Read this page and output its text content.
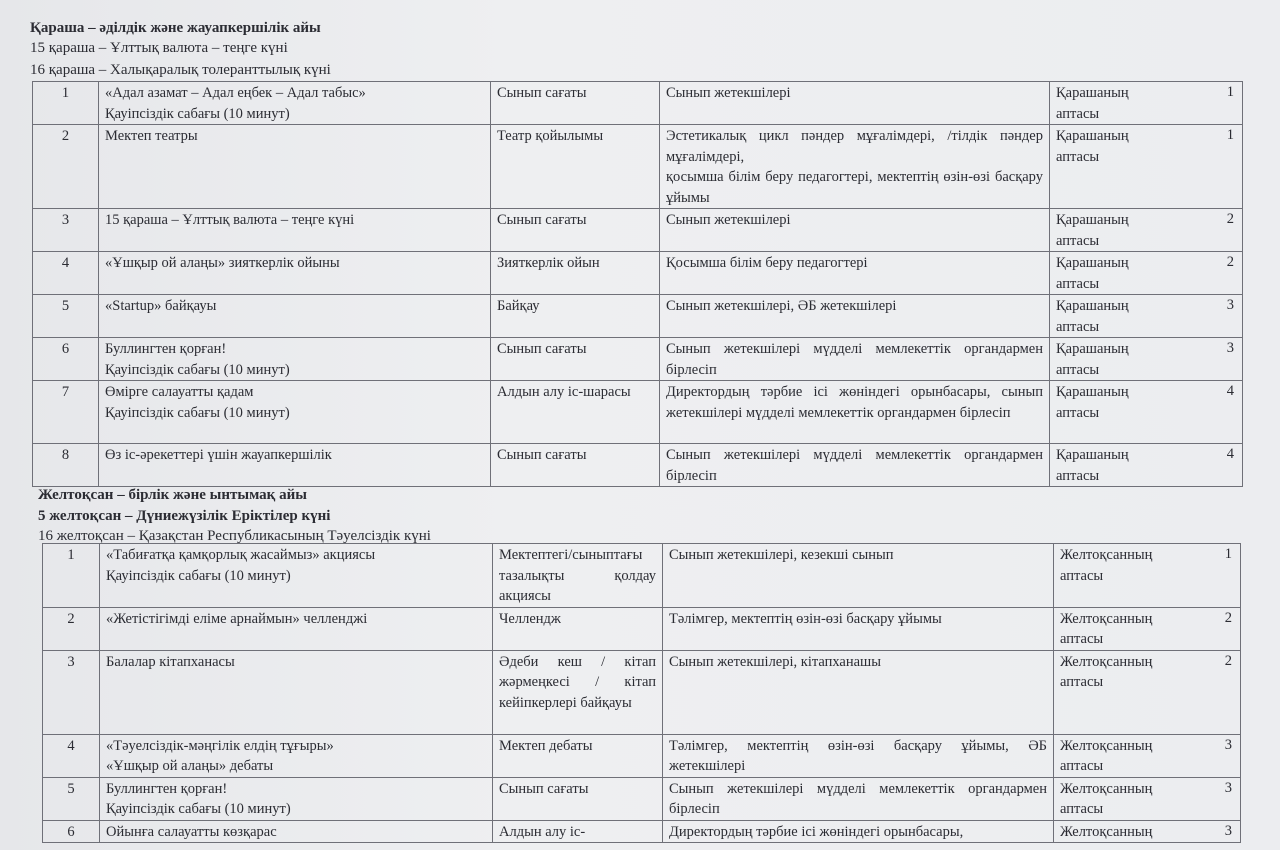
Қараша – әділдік және жауапкершілік айы
15 қараша – Ұлттық валюта – теңге күні
16 қараша – Халықаралық толеранттылық күні
1	«Адал азамат – Адал еңбек – Адал табыс»
Қауіпсіздік сабағы (10 минут)	Сынып сағаты	Сынып жетекшілері	Қарашаның
аптасы
1

2	Мектеп театры	Театр қойылымы	Эстетикалық цикл пәндер мұғалімдері, /тілдік пәндер мұғалімдері,
қосымша білім беру педагогтері, мектептің өзін-өзі басқару ұйымы	Қарашаның
аптасы
1

3	15 қараша – Ұлттық валюта – теңге күні	Сынып сағаты	Сынып жетекшілері	Қарашаның
аптасы
2

4	«Ұшқыр ой алаңы» зияткерлік ойыны	Зияткерлік ойын	Қосымша білім беру педагогтері	Қарашаның
аптасы
2

5	«Startup» байқауы	Байқау	Сынып жетекшілері, ӘБ жетекшілері	Қарашаның
аптасы
3

6	Буллингтен қорған!
Қауіпсіздік сабағы (10 минут)	Сынып сағаты	Сынып жетекшілері мүдделі мемлекеттік органдармен бірлесіп	Қарашаның
аптасы
3

7	Өмірге салауатты қадам
Қауіпсіздік сабағы (10 минут)	Алдын алу іс-шарасы	Директордың тәрбие ісі жөніндегі орынбасары, сынып жетекшілері мүдделі мемлекеттік органдармен бірлесіп	Қарашаның
аптасы
4

8	Өз іс-әрекеттері үшін жауапкершілік	Сынып сағаты	Сынып жетекшілері мүдделі мемлекеттік органдармен бірлесіп	Қарашаның
аптасы
4
Желтоқсан – бірлік және ынтымақ айы
5 желтоқсан – Дүниежүзілік Еріктілер күні
16 желтоқсан – Қазақстан Республикасының Тәуелсіздік күні
1	«Табиғатқа қамқорлық жасаймыз» акциясы
Қауіпсіздік сабағы (10 минут)	Мектептегі/сыныптағы тазалықты қолдау акциясы	Сынып жетекшілері, кезекші сынып	Желтоқсанның
аптасы
1

2	«Жетістігімді еліме арнаймын» челленджі	Челлендж	Тәлімгер, мектептің өзін-өзі басқару ұйымы	Желтоқсанның
аптасы
2

3	Балалар кітапханасы	Әдеби кеш / кітап жәрмеңкесі / кітап кейіпкерлері байқауы	Сынып жетекшілері, кітапханашы	Желтоқсанның
аптасы
2

4	«Тәуелсіздік-мәңгілік елдің тұғыры»
«Ұшқыр ой алаңы» дебаты	Мектеп дебаты	Тәлімгер, мектептің өзін-өзі басқару ұйымы, ӘБ жетекшілері	Желтоқсанның
аптасы
3

5	Буллингтен қорған!
Қауіпсіздік сабағы (10 минут)	Сынып сағаты	Сынып жетекшілері мүдделі мемлекеттік органдармен бірлесіп	Желтоқсанның
аптасы
3

6	Ойынға салауатты көзқарас	Алдын алу іс-	Директордың тәрбие ісі жөніндегі орынбасары,	Желтоқсанның 3
